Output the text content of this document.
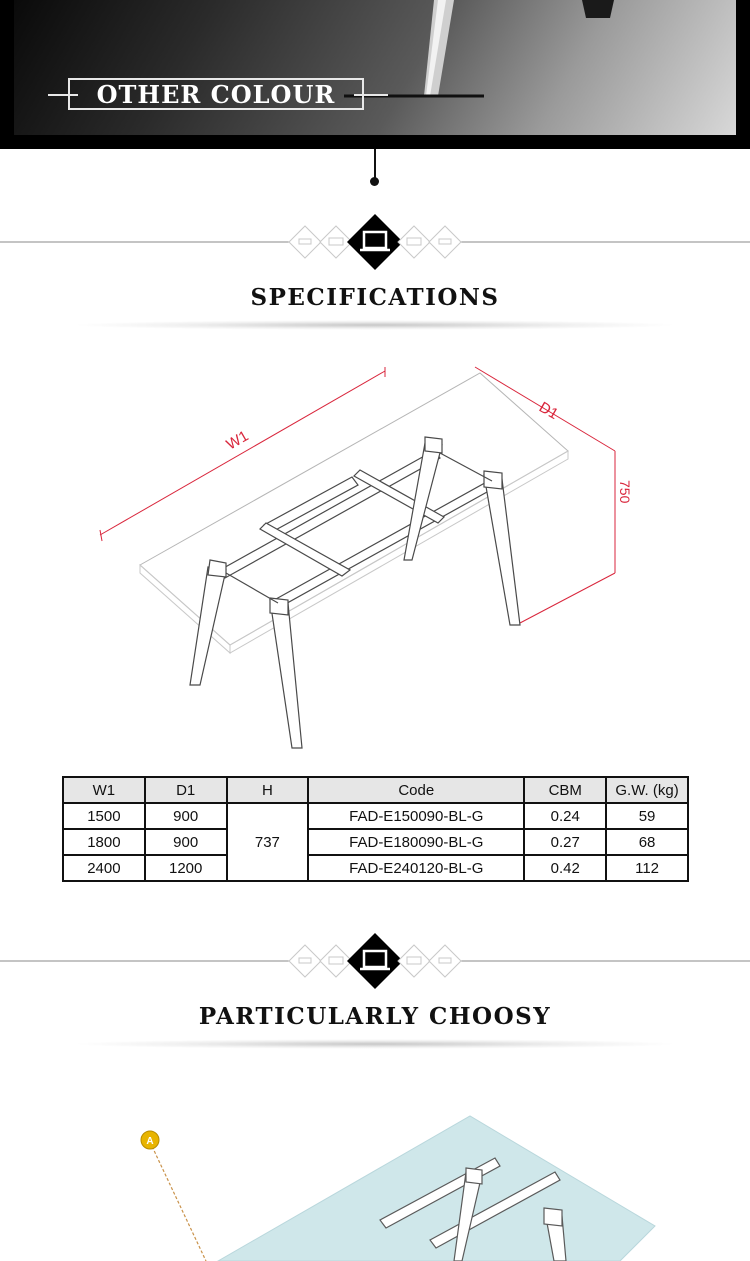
OTHER COLOUR
SPECIFICATIONS
W1
D1
750
W1	D1	H	Code	CBM	G.W. (kg)
1500	900	737	FAD-E150090-BL-G	0.24	59
1800	900		FAD-E180090-BL-G	0.27	68
2400	1200		FAD-E240120-BL-G	0.42	112
PARTICULARLY CHOOSY
A
